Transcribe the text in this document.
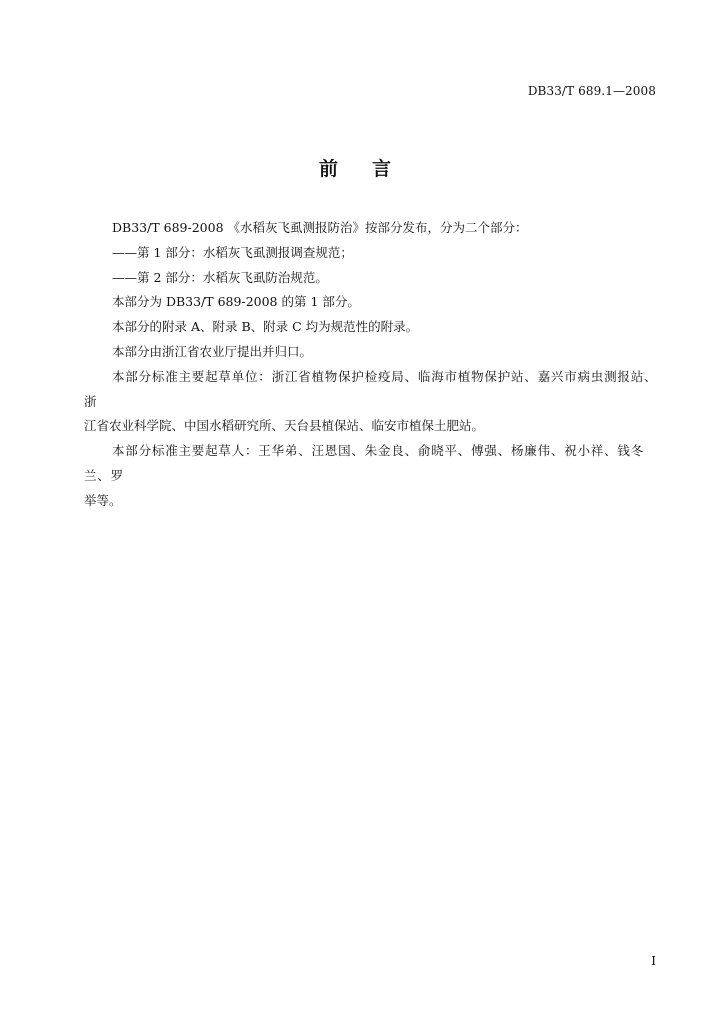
DB33/T 689.1—2008
前言

DB33/T 689-2008 《水稻灰飞虱测报防治》按部分发布，分为二个部分：

——第 1 部分：水稻灰飞虱测报调查规范；

——第 2 部分：水稻灰飞虱防治规范。

本部分为 DB33/T 689-2008 的第 1 部分。

本部分的附录 A、附录 B、附录 C 均为规范性的附录。

本部分由浙江省农业厅提出并归口。

本部分标准主要起草单位：浙江省植物保护检疫局、临海市植物保护站、嘉兴市病虫测报站、浙

江省农业科学院、中国水稻研究所、天台县植保站、临安市植保土肥站。

本部分标准主要起草人：王华弟、汪恩国、朱金良、俞晓平、傅强、杨廉伟、祝小祥、钱冬兰、罗

举等。

I
